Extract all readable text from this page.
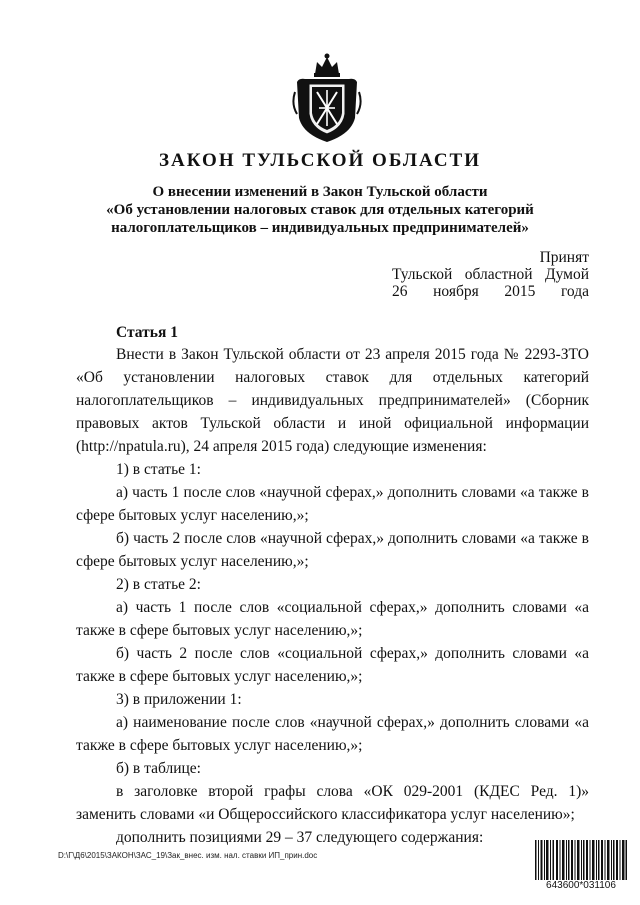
ЗАКОН ТУЛЬСКОЙ ОБЛАСТИ
О внесении изменений в Закон Тульской области
«Об установлении налоговых ставок для отдельных категорий
налогоплательщиков – индивидуальных предпринимателей»
Принят
Тульской областной Думой
26 ноября 2015 года
Статья 1
Внести в Закон Тульской области от 23 апреля 2015 года № 2293-ЗТО
«Об установлении налоговых ставок для отдельных категорий
налогоплательщиков – индивидуальных предпринимателей» (Сборник
правовых актов Тульской области и иной официальной информации
(http://npatula.ru), 24 апреля 2015 года) следующие изменения:

1) в статье 1:

а) часть 1 после слов «научной сферах,» дополнить словами «а также в сфере бытовых услуг населению,»;

б) часть 2 после слов «научной сферах,» дополнить словами «а также в сфере бытовых услуг населению,»;

2) в статье 2:

а) часть 1 после слов «социальной сферах,» дополнить словами «а также в сфере бытовых услуг населению,»;

б) часть 2 после слов «социальной сферах,» дополнить словами «а также в сфере бытовых услуг населению,»;

3) в приложении 1:

а) наименование после слов «научной сферах,» дополнить словами «а также в сфере бытовых услуг населению,»;

б) в таблице:

в заголовке второй графы слова «ОК 029-2001 (КДЕС Ред. 1)» заменить словами «и Общероссийского классификатора услуг населению»;

дополнить позициями 29 – 37 следующего содержания:

D:\Г\Д6\2015\ЗАКОН\ЗАС_19\Зак_внес. изм. нал. ставки ИП_прин.doc
643600*031106
